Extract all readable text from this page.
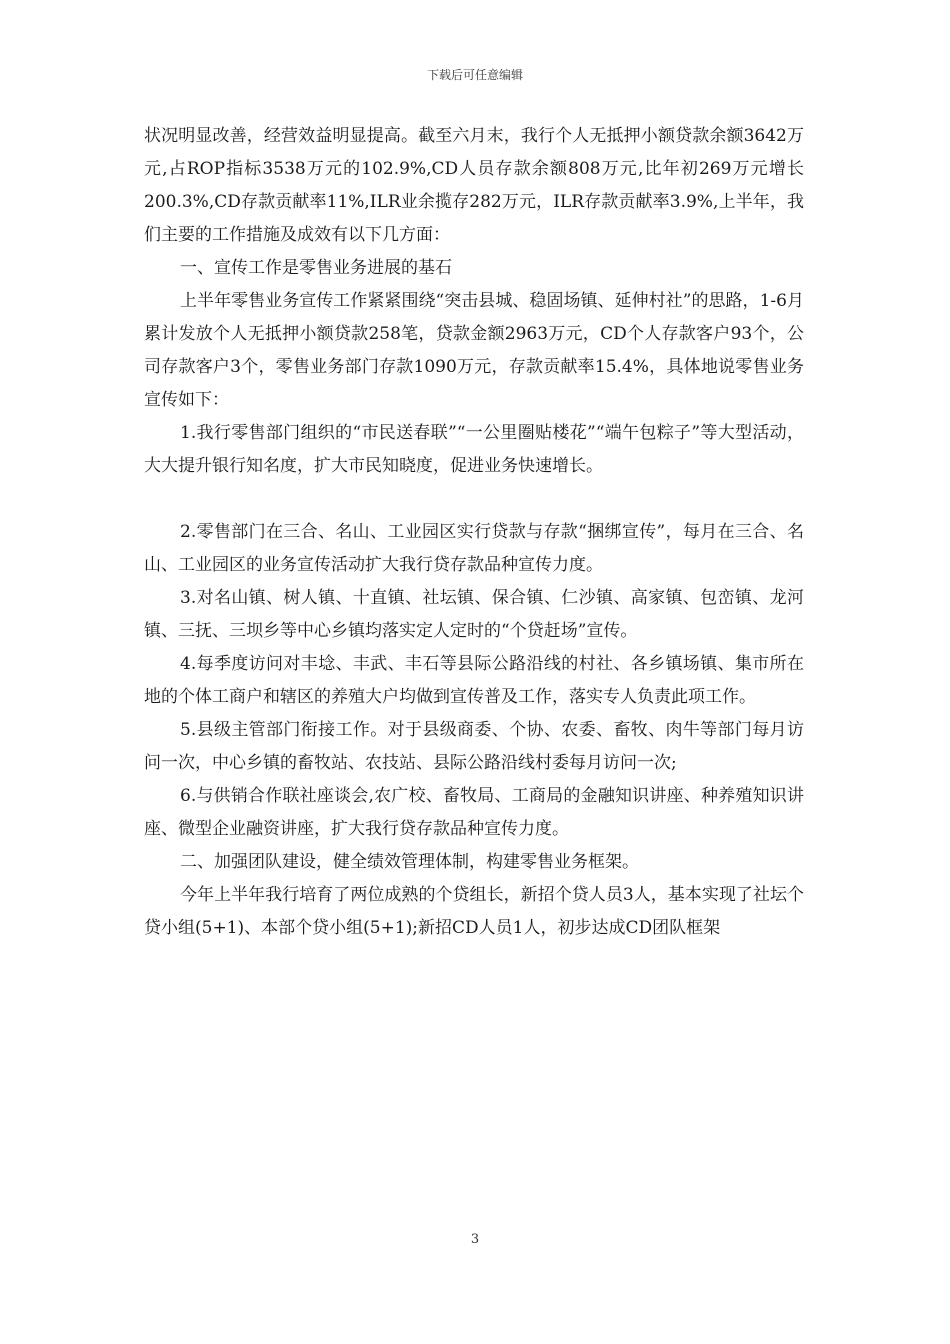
下载后可任意编辑

状况明显改善，经营效益明显提高。截至六月末，我行个人无抵押小额贷款余额3642万元,占ROP指标3538万元的102.9%,CD人员存款余额808万元,比年初269万元增长200.3%,CD存款贡献率11%,ILR业余揽存282万元，ILR存款贡献率3.9%,上半年，我们主要的工作措施及成效有以下几方面：

一、宣传工作是零售业务进展的基石

上半年零售业务宣传工作紧紧围绕“突击县城、稳固场镇、延伸村社”的思路，1-6月累计发放个人无抵押小额贷款258笔，贷款金额2963万元，CD个人存款客户93个，公司存款客户3个，零售业务部门存款1090万元，存款贡献率15.4%，具体地说零售业务宣传如下：

1.我行零售部门组织的“市民送春联”“一公里圈贴楼花”“端午包粽子”等大型活动，大大提升银行知名度，扩大市民知晓度，促进业务快速增长。

2.零售部门在三合、名山、工业园区实行贷款与存款“捆绑宣传”，每月在三合、名山、工业园区的业务宣传活动扩大我行贷存款品种宣传力度。

3.对名山镇、树人镇、十直镇、社坛镇、保合镇、仁沙镇、高家镇、包峦镇、龙河镇、三抚、三坝乡等中心乡镇均落实定人定时的“个贷赶场”宣传。

4.每季度访问对丰埝、丰武、丰石等县际公路沿线的村社、各乡镇场镇、集市所在地的个体工商户和辖区的养殖大户均做到宣传普及工作，落实专人负责此项工作。

5.县级主管部门衔接工作。对于县级商委、个协、农委、畜牧、肉牛等部门每月访问一次，中心乡镇的畜牧站、农技站、县际公路沿线村委每月访问一次;

6.与供销合作联社座谈会,农广校、畜牧局、工商局的金融知识讲座、种养殖知识讲座、微型企业融资讲座，扩大我行贷存款品种宣传力度。

二、加强团队建设，健全绩效管理体制，构建零售业务框架。

今年上半年我行培育了两位成熟的个贷组长，新招个贷人员3人，基本实现了社坛个贷小组(5+1)、本部个贷小组(5+1);新招CD人员1人，初步达成CD团队框架

3
